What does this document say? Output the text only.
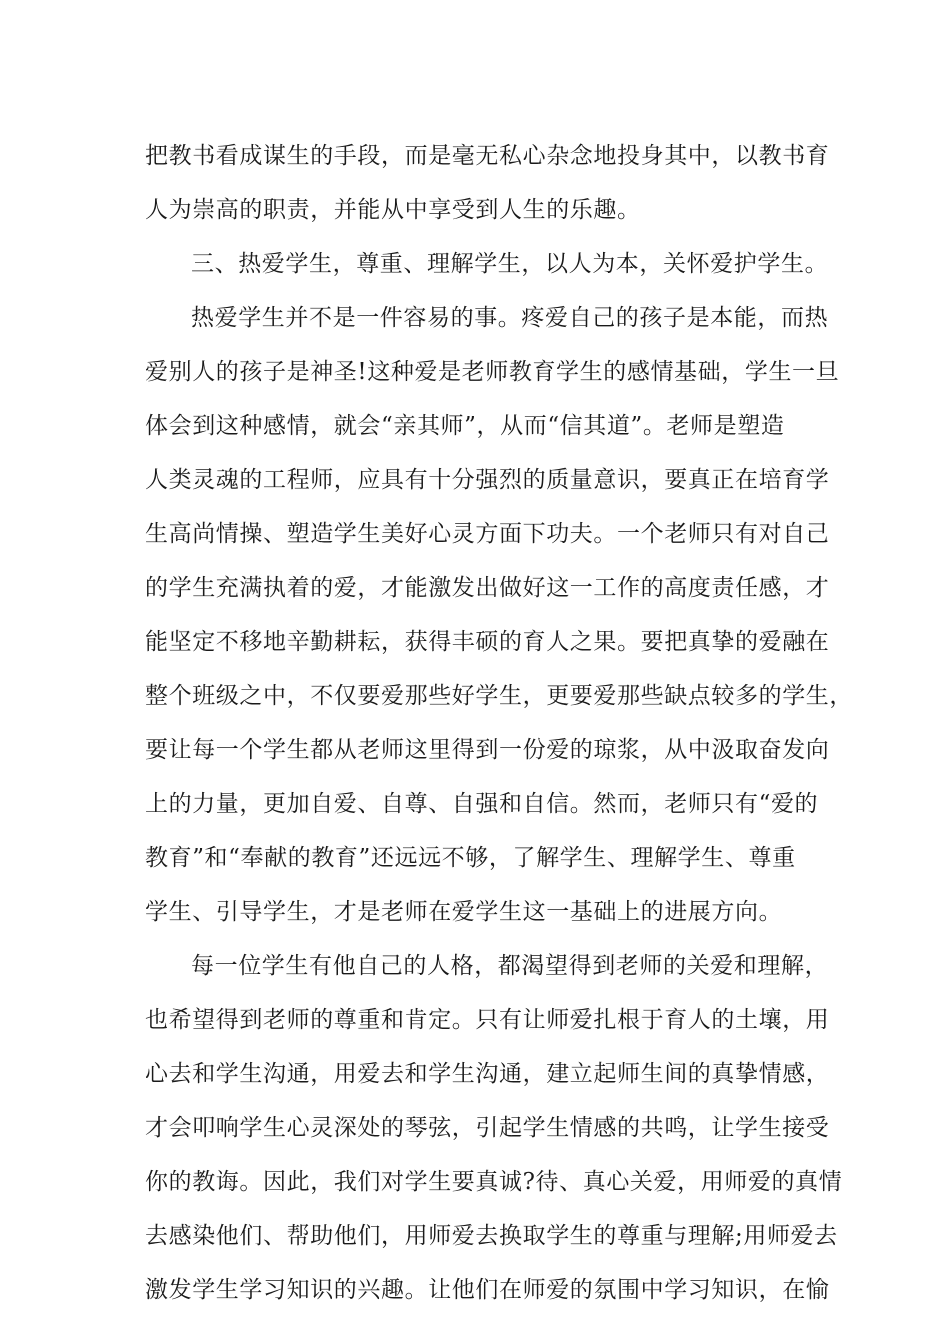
把教书看成谋生的手段，而是毫无私心杂念地投身其中，以教书育
人为崇高的职责，并能从中享受到人生的乐趣。
三、热爱学生，尊重、理解学生，以人为本，关怀爱护学生。
热爱学生并不是一件容易的事。疼爱自己的孩子是本能，而热
爱别人的孩子是神圣!这种爱是老师教育学生的感情基础，学生一旦
体会到这种感情，就会“亲其师”，从而“信其道”。老师是塑造
人类灵魂的工程师，应具有十分强烈的质量意识，要真正在培育学
生高尚情操、塑造学生美好心灵方面下功夫。一个老师只有对自己
的学生充满执着的爱，才能激发出做好这一工作的高度责任感，才
能坚定不移地辛勤耕耘，获得丰硕的育人之果。要把真挚的爱融在
整个班级之中，不仅要爱那些好学生，更要爱那些缺点较多的学生，
要让每一个学生都从老师这里得到一份爱的琼浆，从中汲取奋发向
上的力量，更加自爱、自尊、自强和自信。然而，老师只有“爱的
教育”和“奉献的教育”还远远不够，了解学生、理解学生、尊重
学生、引导学生，才是老师在爱学生这一基础上的进展方向。
每一位学生有他自己的人格，都渴望得到老师的关爱和理解，
也希望得到老师的尊重和肯定。只有让师爱扎根于育人的土壤，用
心去和学生沟通，用爱去和学生沟通，建立起师生间的真挚情感，
才会叩响学生心灵深处的琴弦，引起学生情感的共鸣，让学生接受
你的教诲。因此，我们对学生要真诚?待、真心关爱，用师爱的真情
去感染他们、帮助他们，用师爱去换取学生的尊重与理解;用师爱去
激发学生学习知识的兴趣。让他们在师爱的氛围中学习知识，在愉
